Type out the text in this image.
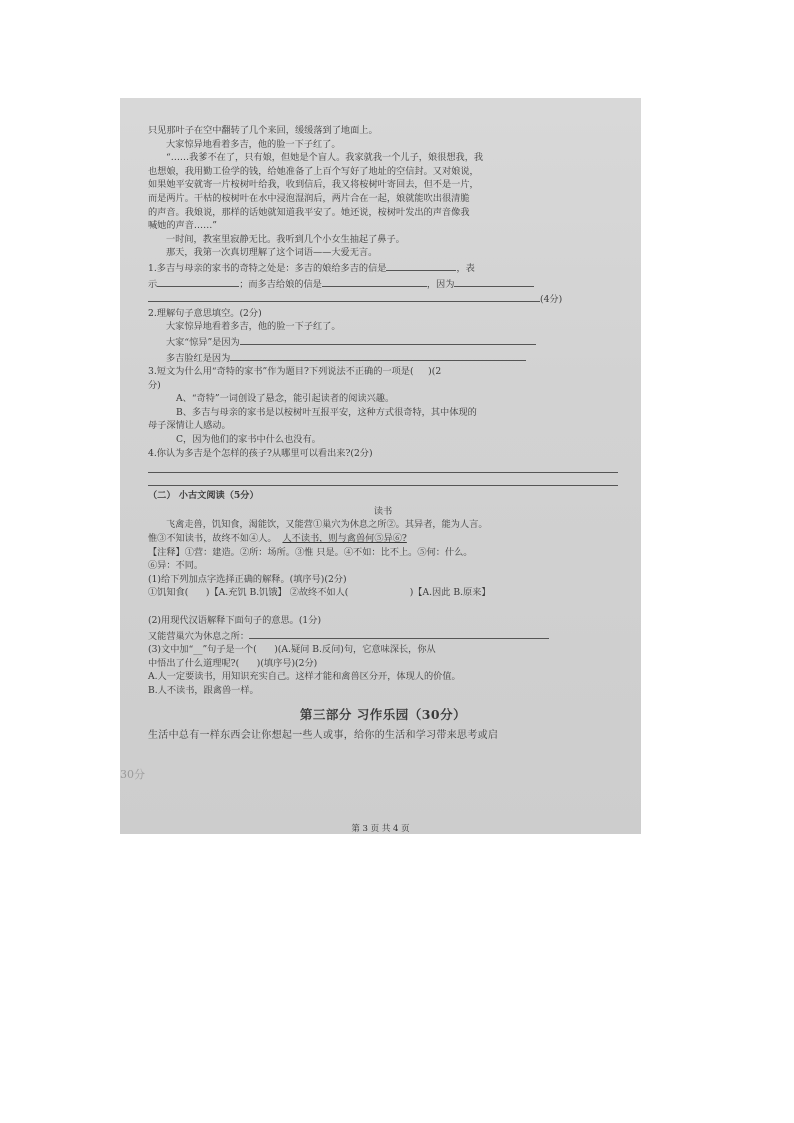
30分
只见那叶子在空中翻转了几个来回，缓缓落到了地面上。
大家惊异地看着多吉，他的脸一下子红了。
“……我爹不在了，只有娘，但她是个盲人。我家就我一个儿子，娘很想我，我
也想娘，我用勤工俭学的钱，给她准备了上百个写好了地址的空信封。又对娘说，
如果她平安就寄一片桉树叶给我，收到信后，我又将桉树叶寄回去，但不是一片，
而是两片。干枯的桉树叶在水中浸泡湿润后，两片合在一起，娘就能吹出很清脆
的声音。我娘说，那样的话她就知道我平安了。她还说，桉树叶发出的声音像我
喊她的声音……”
一时间，教室里寂静无比。我听到几个小女生抽起了鼻子。
那天，我第一次真切理解了这个词语——大爱无言。
1.多吉与母亲的家书的奇特之处是：多吉的娘给多吉的信是	，表
示	；而多吉给娘的信是	，因为
(4分)
2.理解句子意思填空。(2分)
大家惊异地看着多吉，他的脸一下子红了。
大家“惊异”是因为
多吉脸红是因为
3.短文为什么用“奇特的家书”作为题目?下列说法不正确的一项是( )(2
分)
A、“奇特”一词创设了悬念，能引起读者的阅读兴趣。
B、多吉与母亲的家书是以桉树叶互报平安，这种方式很奇特，其中体现的
母子深情让人感动。
C，因为他们的家书中什么也没有。
4.你认为多吉是个怎样的孩子?从哪里可以看出来?(2分)
（二） 小古文阅读（5分）
读书
飞禽走兽，饥知食，渴能饮，又能营①巢穴为休息之所②。其异者，能为人言。
惟③不知读书，故终不如④人。 人不读书，则与禽兽何⑤异⑥?
【注释】①营：建造。②所：场所。③惟 只是。④不如：比不上。⑤何：什么。
⑥异：不同。
(1)给下列加点字选择正确的解释。(填序号)(2分)
①饥知食( )【A.充饥 B.饥饿】 ②故终不如人(	)【A.因此 B.原来】
(2)用现代汉语解释下面句子的意思。(1分)
又能营巢穴为休息之所：
(3)文中加“__”句子是一个( )(A.疑问 B.反问)句，它意味深长，你从
中悟出了什么道理呢?( )(填序号)(2分)
A.人一定要读书，用知识充实自己。这样才能和禽兽区分开，体现人的价值。
B.人不读书，跟禽兽一样。
第三部分 习作乐园（30分）
生活中总有一样东西会让你想起一些人或事，给你的生活和学习带来思考或启
第 3 页 共 4 页
